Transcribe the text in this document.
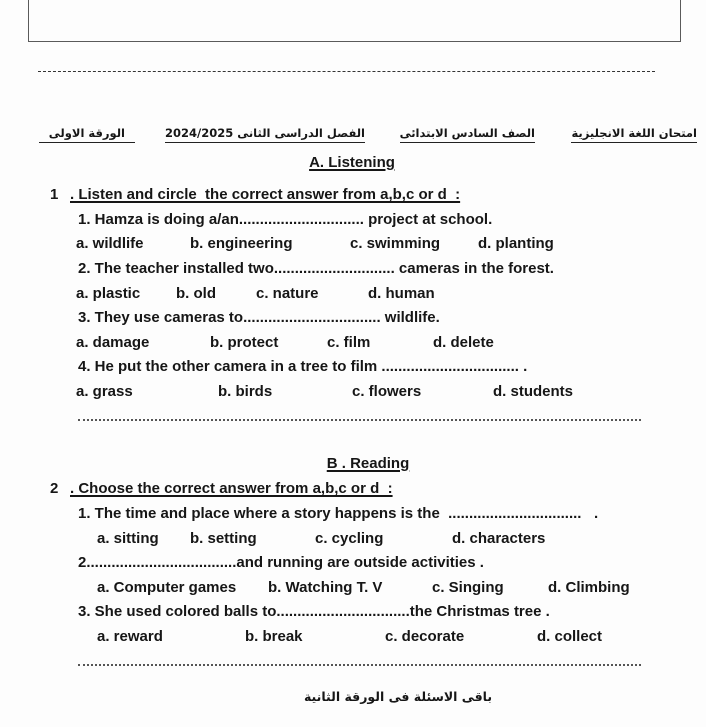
امتحان اللغة الانجليزية
الصف السادس الابتدائى
الفصل الدراسى الثانى 2024/2025
الورقة الاولى
A. Listening
1 . Listen and circle  the correct answer from a,b,c or d  :
1. Hamza is doing a/an.............................. project at school.
a. wildlife	b. engineering	c. swimming	d. planting
2. The teacher installed two............................. cameras in the forest.
a. plastic b. old	c. nature	d. human
3. They use cameras to................................. wildlife.
a. damage	b. protect	c. film	d. delete
4. He put the other camera in a tree to film ................................. .
a. grass	b. birds	c. flowers	d. students
B . Reading
2 . Choose the correct answer from a,b,c or d  :
1. The time and place where a story happens is the  ................................   .
a. sitting b. setting	c. cycling	d. characters
2....................................and running are outside activities .
a. Computer games b. Watching T. V	c. Singing	d. Climbing
3. She used colored balls to................................the Christmas tree .
a. reward	b. break	c. decorate	d. collect
باقى الاسئلة فى الورقة الثانية
